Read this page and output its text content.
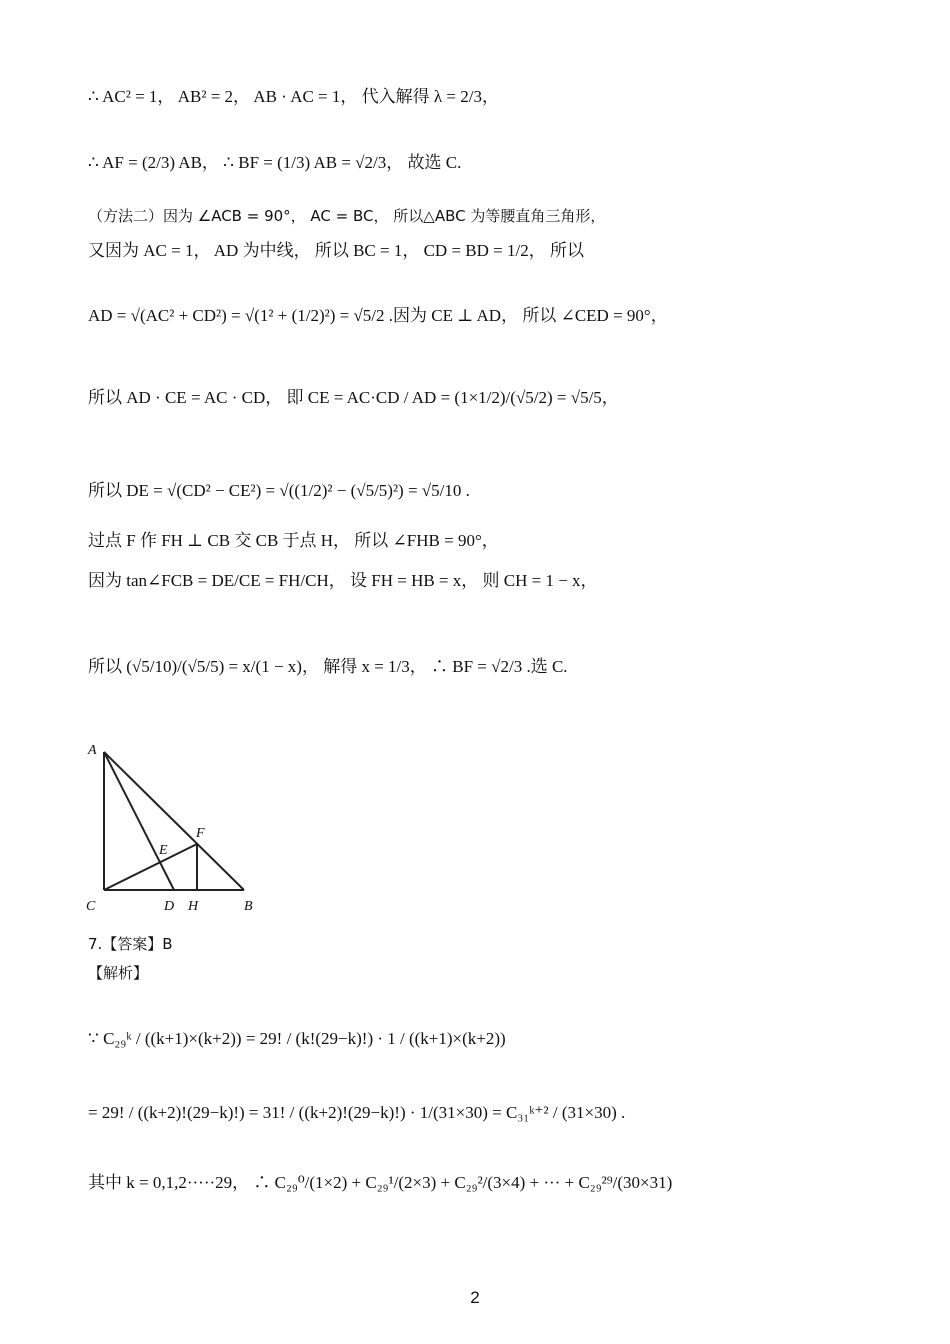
∴ AC² = 1， AB² = 2， AB · AC = 1， 代入解得 λ = 2/3，
∴ AF = (2/3) AB， ∴ BF = (1/3) AB = √2/3， 故选 C.
（方法二）因为 ∠ACB = 90°， AC = BC， 所以△ABC 为等腰直角三角形，
又因为 AC = 1， AD 为中线， 所以 BC = 1， CD = BD = 1/2， 所以
AD = √(AC² + CD²) = √(1² + (1/2)²) = √5/2 .因为 CE ⊥ AD， 所以 ∠CED = 90°，
所以 AD · CE = AC · CD， 即 CE = AC·CD / AD = (1×1/2)/(√5/2) = √5/5，
所以 DE = √(CD² − CE²) = √((1/2)² − (√5/5)²) = √5/10 .
过点 F 作 FH ⊥ CB 交 CB 于点 H， 所以 ∠FHB = 90°，
因为 tan∠FCB = DE/CE = FH/CH， 设 FH = HB = x， 则 CH = 1 − x，
所以 (√5/10)/(√5/5) = x/(1 − x)， 解得 x = 1/3， ∴ BF = √2/3 .选 C.
A
C	D H	B
E
F
7.【答案】B
【解析】
∵ C₂₉ᵏ / ((k+1)×(k+2)) = 29! / (k!(29−k)!) · 1 / ((k+1)×(k+2))
= 29! / ((k+2)!(29−k)!) = 31! / ((k+2)!(29−k)!) · 1/(31×30) = C₃₁ᵏ⁺² / (31×30) .
其中 k = 0,1,2·····29， ∴ C₂₉⁰/(1×2) + C₂₉¹/(2×3) + C₂₉²/(3×4) + ··· + C₂₉²⁹/(30×31)
2
